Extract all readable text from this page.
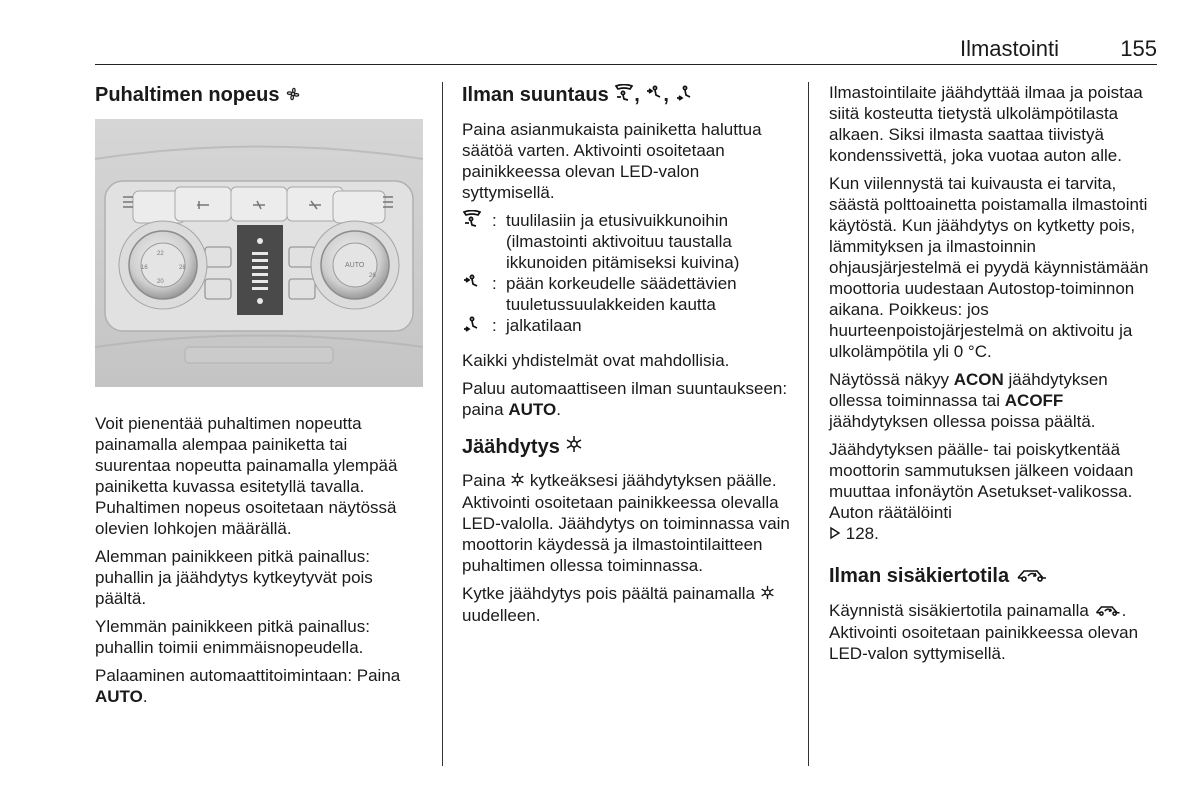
Ilmastointi	155
Puhaltimen nopeus
22
28
16
20
AUTO
26

Voit pienentää puhaltimen nopeutta painamalla alempaa painiketta tai suurentaa nopeutta painamalla ylempää painiketta kuvassa esitetyllä tavalla. Puhaltimen nopeus osoitetaan näytössä olevien lohkojen määrällä.

Alemman painikkeen pitkä painallus: puhallin ja jäähdytys kytkeytyvät pois päältä.

Ylemmän painikkeen pitkä painallus: puhallin toimii enimmäisnopeudella.

Palaaminen automaattitoimintaan: Paina AUTO.

Ilman suuntaus , ,

Paina asianmukaista painiketta haluttua säätöä varten. Aktivointi osoitetaan painikkeessa olevan LED-valon syttymisellä.

: tuulilasiin ja etusivuikkunoihin (ilmastointi aktivoituu taustalla ikkunoiden pitämiseksi kuivina)
: pään korkeudelle säädettävien tuuletussuulakkeiden kautta
: jalkatilaan

Kaikki yhdistelmät ovat mahdollisia.

Paluu automaattiseen ilman suuntaukseen: paina AUTO.

Jäähdytys

Paina  kytkeäksesi jäähdytyksen päälle. Aktivointi osoitetaan painikkeessa olevalla LED-valolla. Jäähdytys on toiminnassa vain moottorin käydessä ja ilmastointilaitteen puhaltimen ollessa toiminnassa.

Kytke jäähdytys pois päältä painamalla  uudelleen.

Ilmastointilaite jäähdyttää ilmaa ja poistaa siitä kosteutta tietystä ulkolämpötilasta alkaen. Siksi ilmasta saattaa tiivistyä kondenssivettä, joka vuotaa auton alle.

Kun viilennystä tai kuivausta ei tarvita, säästä polttoainetta poistamalla ilmastointi käytöstä. Kun jäähdytys on kytketty pois, lämmityksen ja ilmastoinnin ohjausjärjestelmä ei pyydä käynnistämään moottoria uudestaan Autostop-toiminnon aikana. Poikkeus: jos huurteenpoistojärjestelmä on aktivoitu ja ulkolämpötila yli 0 °C.

Näytössä näkyy ACON jäähdytyksen ollessa toiminnassa tai ACOFF jäähdytyksen ollessa poissa päältä.

Jäähdytyksen päälle- tai poiskytkentää moottorin sammutuksen jälkeen voidaan muuttaa infonäytön Asetukset-valikossa. Auton räätälöinti
128.

Ilman sisäkiertotila

Käynnistä sisäkiertotila painamalla . Aktivointi osoitetaan painikkeessa olevan LED-valon syttymisellä.
